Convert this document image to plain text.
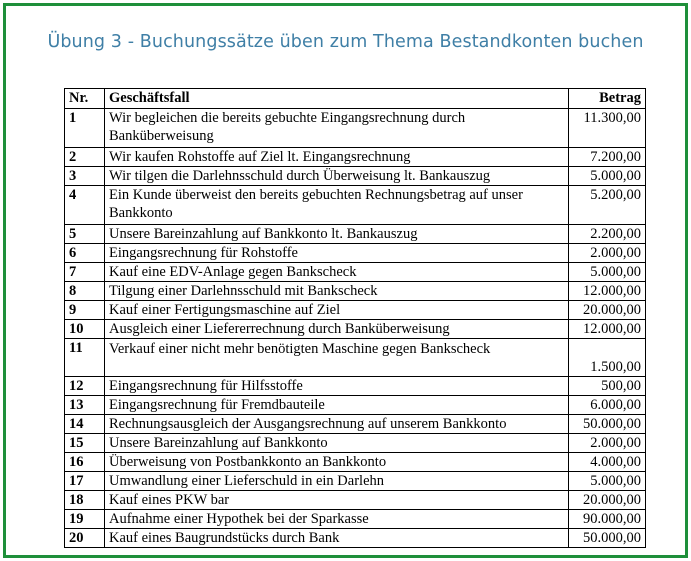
Übung 3 - Buchungssätze üben zum Thema Bestandkonten buchen
Nr.	Geschäftsfall	Betrag
1	Wir begleichen die bereits gebuchte Eingangsrechnung durch Banküberweisung	11.300,00
2	Wir kaufen Rohstoffe auf Ziel lt. Eingangsrechnung	7.200,00
3	Wir tilgen die Darlehnsschuld durch Überweisung lt. Bankauszug	5.000,00
4	Ein Kunde überweist den bereits gebuchten Rechnungsbetrag auf unser Bankkonto	5.200,00
5	Unsere Bareinzahlung auf Bankkonto lt. Bankauszug	2.200,00
6	Eingangsrechnung für Rohstoffe	2.000,00
7	Kauf eine EDV-Anlage gegen Bankscheck	5.000,00
8	Tilgung einer Darlehnsschuld mit Bankscheck	12.000,00
9	Kauf einer Fertigungsmaschine auf Ziel	20.000,00
10	Ausgleich einer Liefererrechnung durch Banküberweisung	12.000,00
11	Verkauf einer nicht mehr benötigten Maschine gegen Bankscheck	1.500,00
12	Eingangsrechnung für Hilfsstoffe	500,00
13	Eingangsrechnung für Fremdbauteile	6.000,00
14	Rechnungsausgleich der Ausgangsrechnung auf unserem Bankkonto	50.000,00
15	Unsere Bareinzahlung auf Bankkonto	2.000,00
16	Überweisung von Postbankkonto an Bankkonto	4.000,00
17	Umwandlung einer Lieferschuld in ein Darlehn	5.000,00
18	Kauf eines PKW bar	20.000,00
19	Aufnahme einer Hypothek bei der Sparkasse	90.000,00
20	Kauf eines Baugrundstücks durch Bank	50.000,00
